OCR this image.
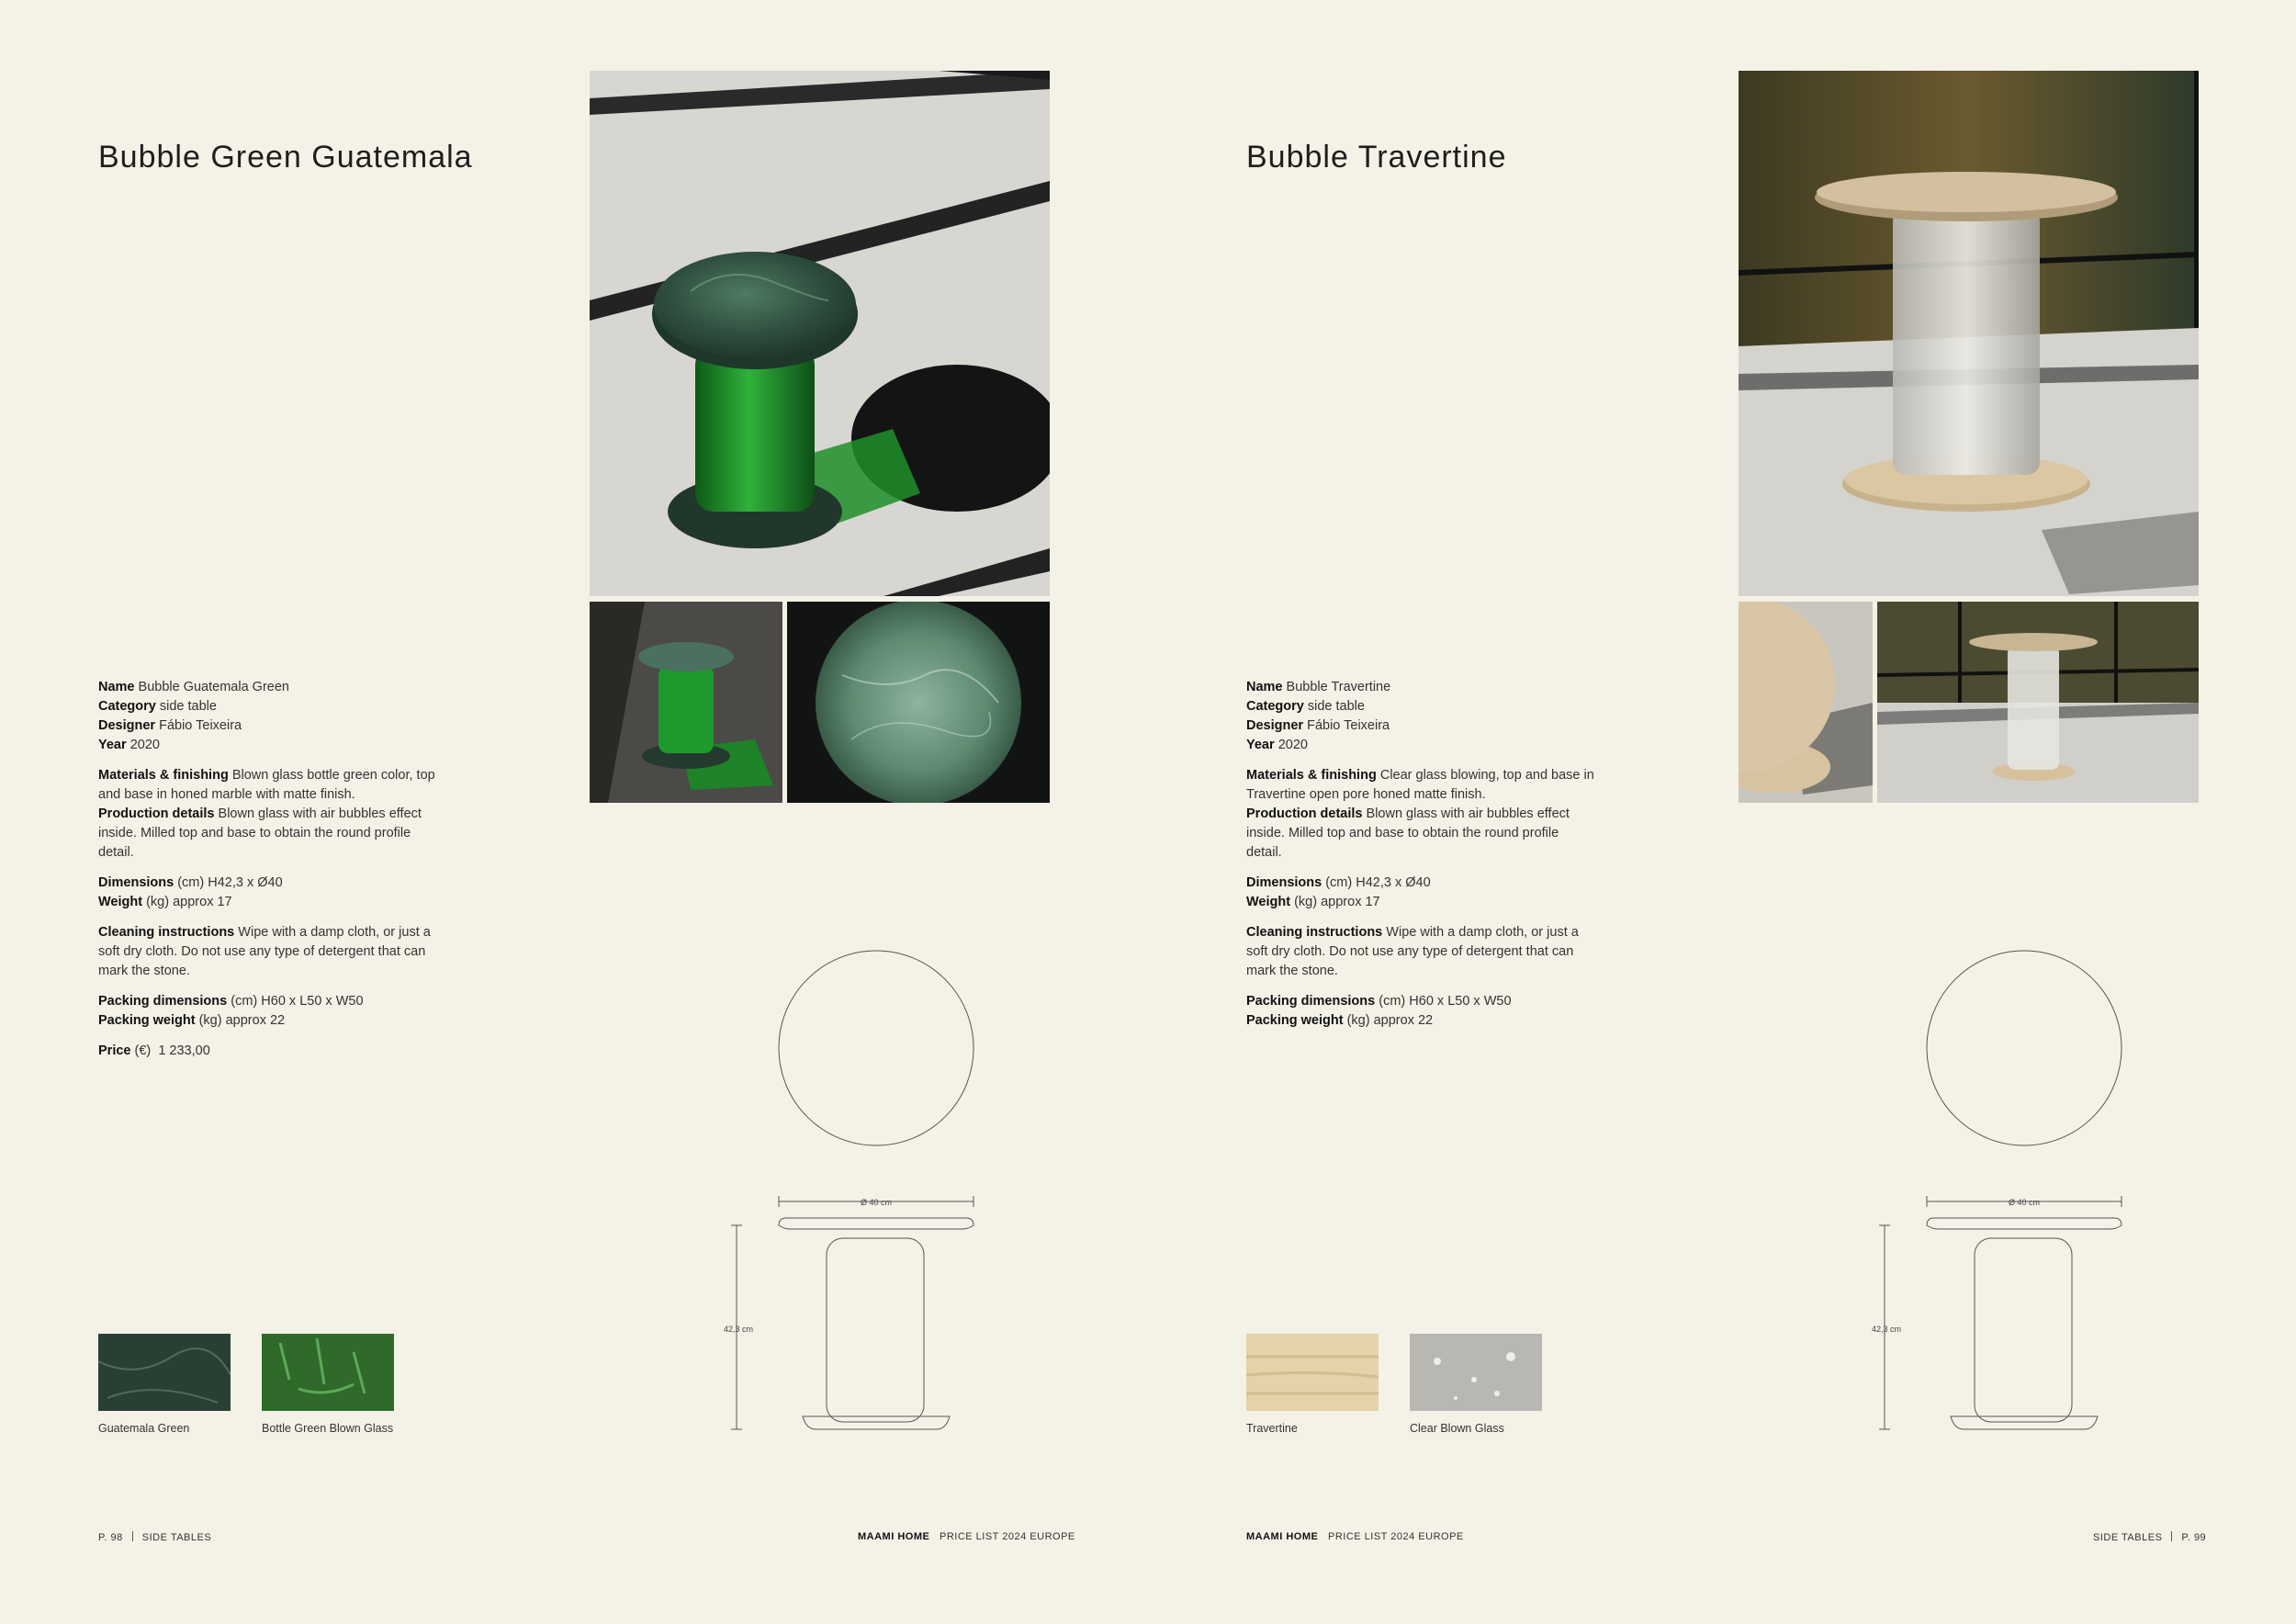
Bubble Green Guatemala

Name Bubble Guatemala Green
Category side table
Designer Fábio Teixeira
Year 2020

Materials & finishing Blown glass bottle green color, top and base in honed marble with matte finish.
Production details Blown glass with air bubbles effect inside. Milled top and base to obtain the round profile detail.

Dimensions (cm) H42,3 x Ø40
Weight (kg) approx 17

Cleaning instructions Wipe with a damp cloth, or just a soft dry cloth. Do not use any type of detergent that can mark the stone.

Packing dimensions (cm) H60 x L50 x W50
Packing weight (kg) approx 22

Price (€) 1 233,00

Ø 40 cm
42,3 cm
Guatemala Green	Bottle Green Blown Glass
P. 98 SIDE TABLES	MAAMI HOME PRICE LIST 2024 EUROPE
Bubble Travertine

Name Bubble Travertine
Category side table
Designer Fábio Teixeira
Year 2020

Materials & finishing Clear glass blowing, top and base in Travertine open pore honed matte finish.
Production details Blown glass with air bubbles effect inside. Milled top and base to obtain the round profile detail.

Dimensions (cm) H42,3 x Ø40
Weight (kg) approx 17

Cleaning instructions Wipe with a damp cloth, or just a soft dry cloth. Do not use any type of detergent that can mark the stone.

Packing dimensions (cm) H60 x L50 x W50
Packing weight (kg) approx 22

Ø 40 cm
42,3 cm
Travertine	Clear Blown Glass
MAAMI HOME PRICE LIST 2024 EUROPE	SIDE TABLES P. 99
